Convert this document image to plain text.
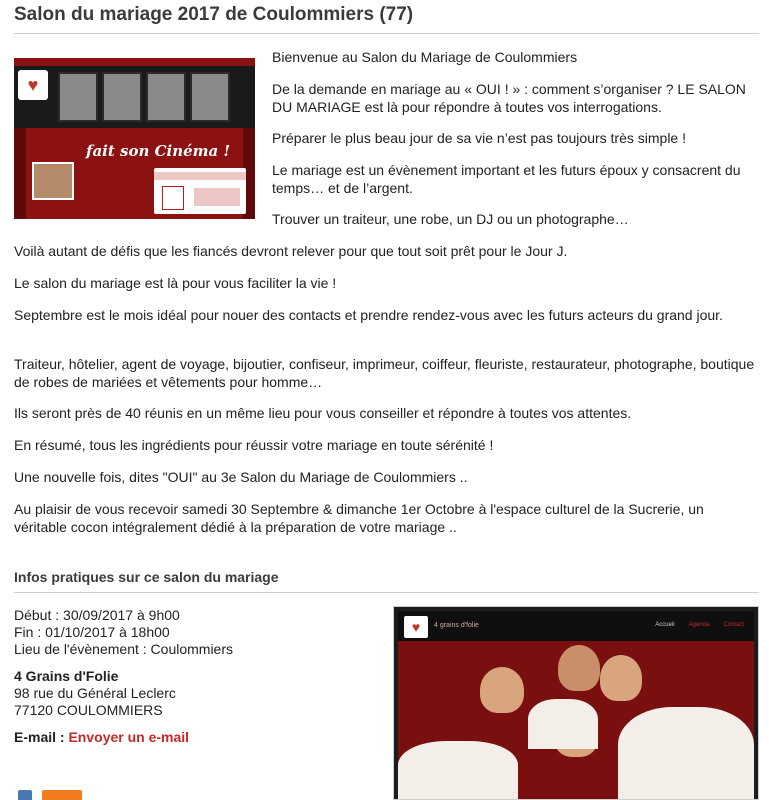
Salon du mariage 2017 de Coulommiers (77)
♥
fait son Cinéma !
Bienvenue au Salon du Mariage de Coulommiers
De la demande en mariage au « OUI ! » : comment s’organiser ? LE SALON DU MARIAGE est là pour répondre à toutes vos interrogations.
Préparer le plus beau jour de sa vie n’est pas toujours très simple !
Le mariage est un évènement important et les futurs époux y consacrent du temps… et de l’argent.
Trouver un traiteur, une robe, un DJ ou un photographe…
Voilà autant de défis que les fiancés devront relever pour que tout soit prêt pour le Jour J.
Le salon du mariage est là pour vous faciliter la vie !
Septembre est le mois idéal pour nouer des contacts et prendre rendez-vous avec les futurs acteurs du grand jour.
Traiteur, hôtelier, agent de voyage, bijoutier, confiseur, imprimeur, coiffeur, fleuriste, restaurateur, photographe, boutique de robes de mariées et vêtements pour homme…
Ils seront près de 40 réunis en un même lieu pour vous conseiller et répondre à toutes vos attentes.
En résumé, tous les ingrédients pour réussir votre mariage en toute sérénité !
Une nouvelle fois, dites "OUI" au 3e Salon du Mariage de Coulommiers ..
Au plaisir de vous recevoir samedi 30 Septembre & dimanche 1er Octobre à l'espace culturel de la Sucrerie, un véritable cocon intégralement dédié à la préparation de votre mariage ..
Infos pratiques sur ce salon du mariage
Début : 30/09/2017 à 9h00
Fin : 01/10/2017 à 18h00
Lieu de l'évènement : Coulommiers
4 Grains d'Folie
98 rue du Général Leclerc
77120 COULOMMIERS
E-mail : Envoyer un e-mail
♥	4 grains d'folie	Accueil Agenda Contact
